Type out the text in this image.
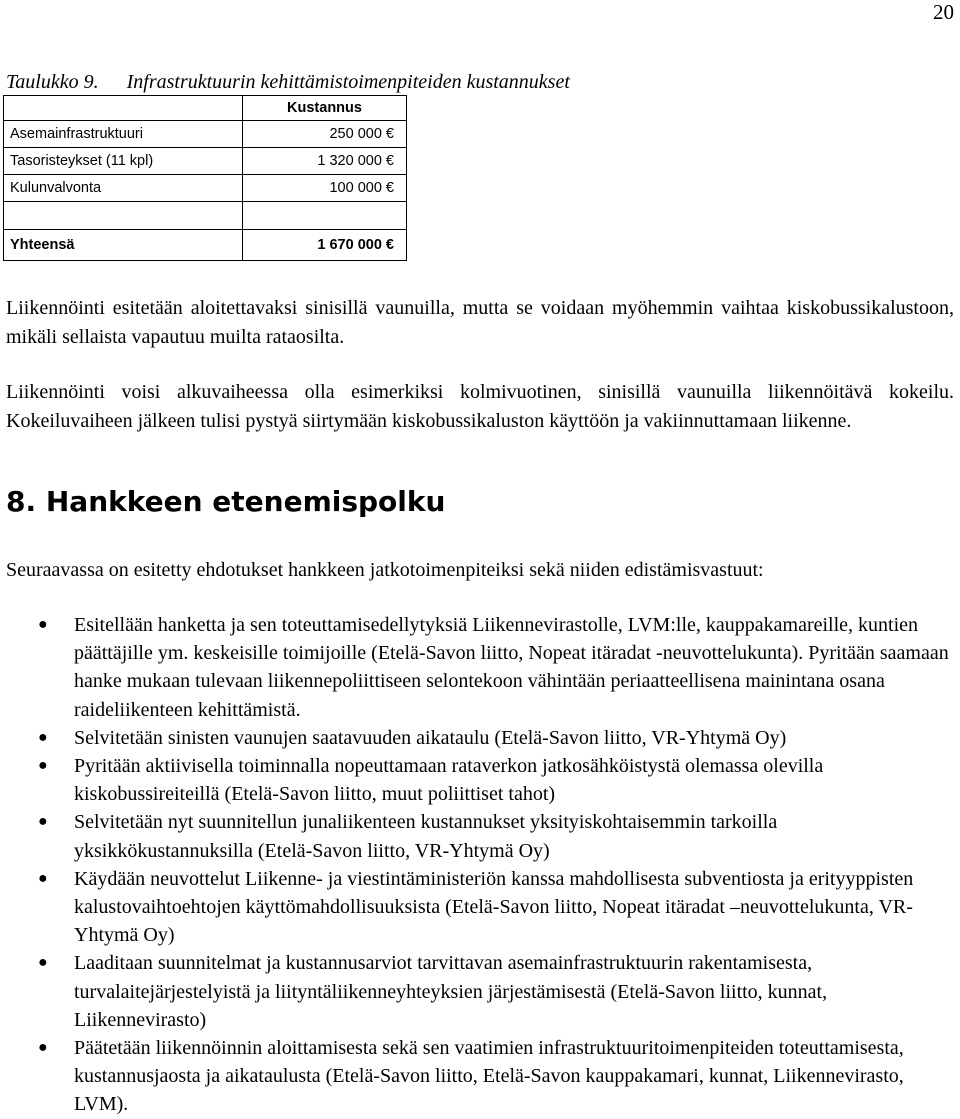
20
Taulukko 9. Infrastruktuurin kehittämistoimenpiteiden kustannukset
	Kustannus
Asemainfrastruktuuri	250 000 €
Tasoristeykset (11 kpl)	1 320 000 €
Kulunvalvonta	100 000 €

Yhteensä	1 670 000 €

Liikennöinti esitetään aloitettavaksi sinisillä vaunuilla, mutta se voidaan myöhemmin vaihtaa kiskobussikalustoon, mikäli sellaista vapautuu muilta rataosilta.

Liikennöinti voisi alkuvaiheessa olla esimerkiksi kolmivuotinen, sinisillä vaunuilla liikennöitävä kokeilu. Kokeiluvaiheen jälkeen tulisi pystyä siirtymään kiskobussikaluston käyttöön ja vakiinnuttamaan liikenne.

8. Hankkeen etenemispolku

Seuraavassa on esitetty ehdotukset hankkeen jatkotoimenpiteiksi sekä niiden edistämisvastuut:

● Esitellään hanketta ja sen toteuttamisedellytyksiä Liikennevirastolle, LVM:lle, kauppakamareille, kuntien päättäjille ym. keskeisille toimijoille (Etelä-Savon liitto, Nopeat itäradat -neuvottelukunta). Pyritään saamaan hanke mukaan tulevaan liikennepoliittiseen selontekoon vähintään periaatteellisena mainintana osana raideliikenteen kehittämistä.
● Selvitetään sinisten vaunujen saatavuuden aikataulu (Etelä-Savon liitto, VR-Yhtymä Oy)
● Pyritään aktiivisella toiminnalla nopeuttamaan rataverkon jatkosähköistystä olemassa olevilla kiskobussireiteillä (Etelä-Savon liitto, muut poliittiset tahot)
● Selvitetään nyt suunnitellun junaliikenteen kustannukset yksityiskohtaisemmin tarkoilla yksikkökustannuksilla (Etelä-Savon liitto, VR-Yhtymä Oy)
● Käydään neuvottelut Liikenne- ja viestintäministeriön kanssa mahdollisesta subventiosta ja erityyppisten kalustovaihtoehtojen käyttömahdollisuuksista (Etelä-Savon liitto, Nopeat itäradat –neuvottelukunta, VR-Yhtymä Oy)
● Laaditaan suunnitelmat ja kustannusarviot tarvittavan asemainfrastruktuurin rakentamisesta, turvalaitejärjestelyistä ja liityntäliikenneyhteyksien järjestämisestä (Etelä-Savon liitto, kunnat, Liikennevirasto)
● Päätetään liikennöinnin aloittamisesta sekä sen vaatimien infrastruktuuritoimenpiteiden toteuttamisesta, kustannusjaosta ja aikataulusta (Etelä-Savon liitto, Etelä-Savon kauppakamari, kunnat, Liikennevirasto, LVM).
